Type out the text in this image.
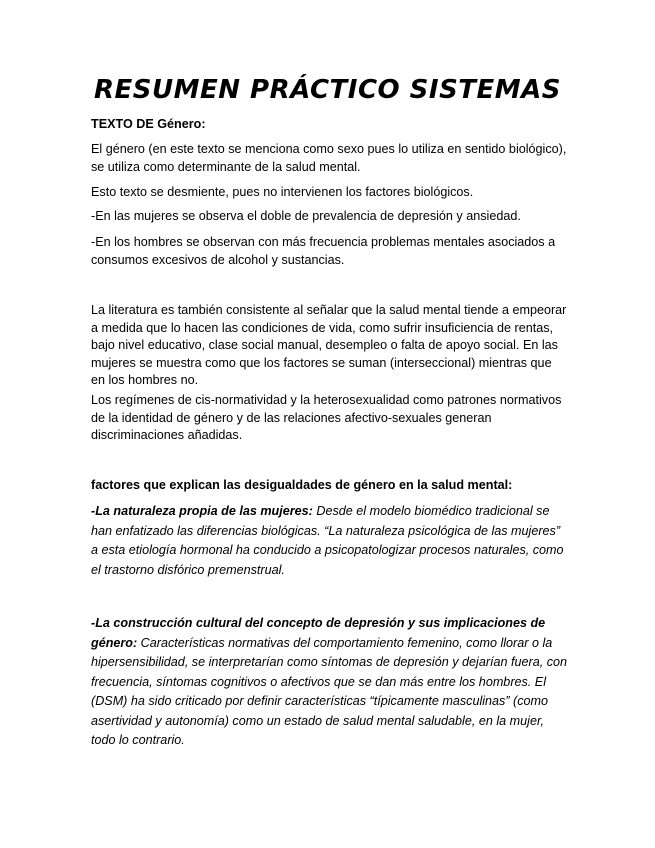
RESUMEN PRÁCTICO SISTEMAS

TEXTO DE Género:

El género (en este texto se menciona como sexo pues lo utiliza en sentido biológico), se utiliza como determinante de la salud mental.

Esto texto se desmiente, pues no intervienen los factores biológicos.

-En las mujeres se observa el doble de prevalencia de depresión y ansiedad.

-En los hombres se observan con más frecuencia problemas mentales asociados a consumos excesivos de alcohol y sustancias.

La literatura es también consistente al señalar que la salud mental tiende a empeorar a medida que lo hacen las condiciones de vida, como sufrir insuficiencia de rentas, bajo nivel educativo, clase social manual, desempleo o falta de apoyo social. En las mujeres se muestra como que los factores se suman (interseccional) mientras que en los hombres no.

Los regímenes de cis-normatividad y la heterosexualidad como patrones normativos de la identidad de género y de las relaciones afectivo-sexuales generan discriminaciones añadidas.

factores que explican las desigualdades de género en la salud mental:

-La naturaleza propia de las mujeres: Desde el modelo biomédico tradicional se han enfatizado las diferencias biológicas. “La naturaleza psicológica de las mujeres” a esta etiología hormonal ha conducido a psicopatologizar procesos naturales, como el trastorno disfórico premenstrual.

-La construcción cultural del concepto de depresión y sus implicaciones de género: Características normativas del comportamiento femenino, como llorar o la hipersensibilidad, se interpretarían como síntomas de depresión y dejarían fuera, con frecuencia, síntomas cognitivos o afectivos que se dan más entre los hombres. El (DSM) ha sido criticado por definir características “típicamente masculinas” (como asertividad y autonomía) como un estado de salud mental saludable, en la mujer, todo lo contrario.
